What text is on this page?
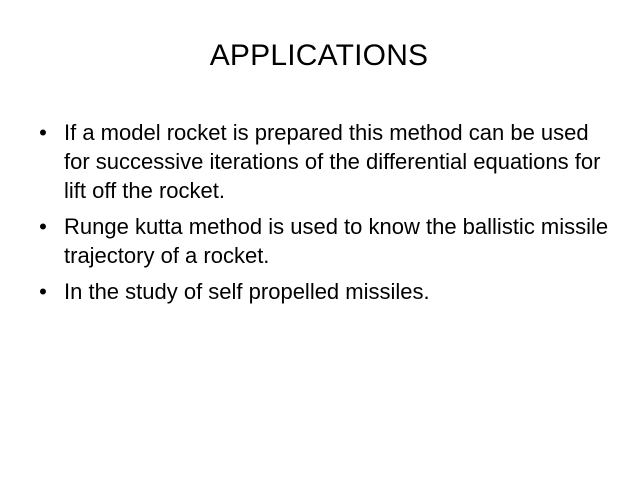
APPLICATIONS
• If a model rocket is prepared this method can be used for successive iterations of the differential equations for lift off the rocket.
• Runge kutta method is used to know the ballistic missile trajectory of a rocket.
• In the study of self propelled missiles.
